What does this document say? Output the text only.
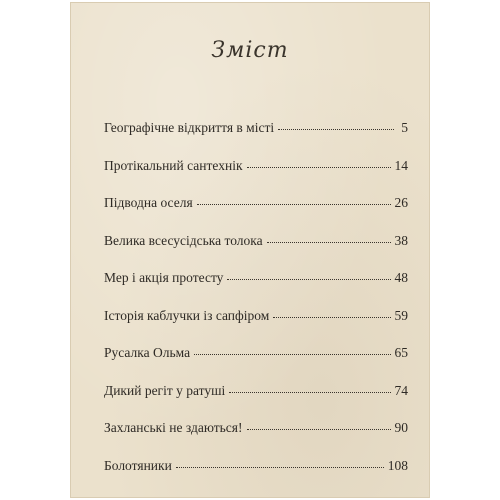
Зміст
Географічне відкриття в місті	5
Протікальний сантехнік	14
Підводна оселя	26
Велика всесусідська толока	38
Мер і акція протесту	48
Історія каблучки із сапфіром	59
Русалка Ольма	65
Дикий регіт у ратуші	74
Захланські не здаються!	90
Болотяники	108
